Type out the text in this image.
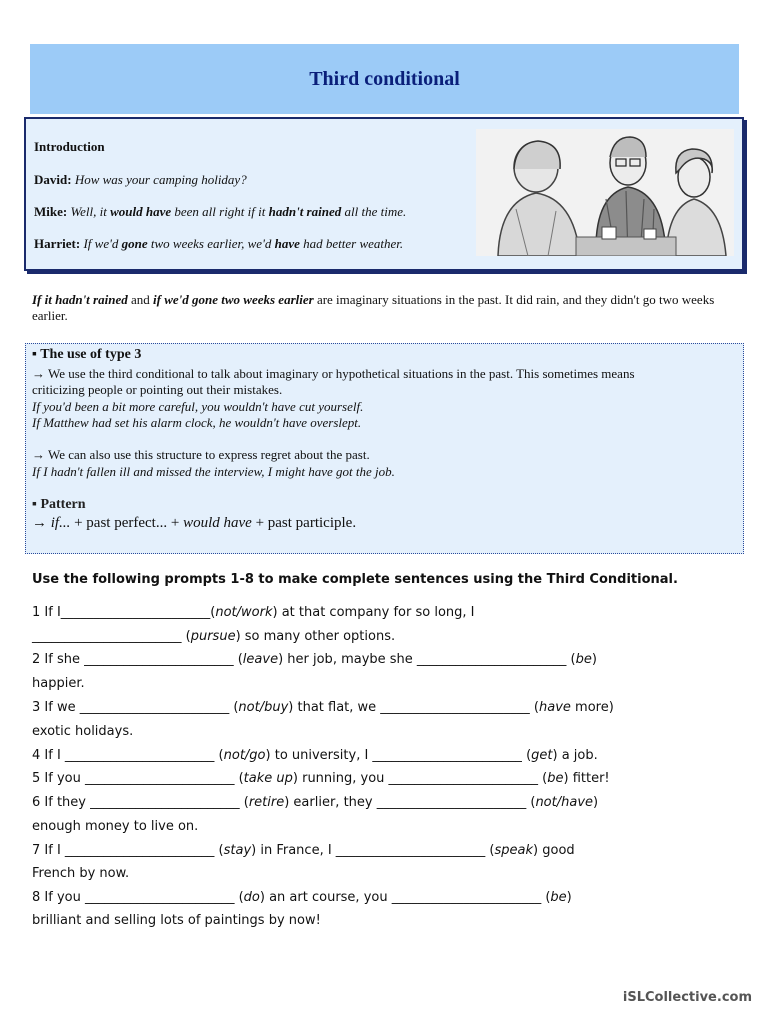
Third conditional

Introduction

David: How was your camping holiday?

Mike: Well, it would have been all right if it hadn't rained all the time.

Harriet: If we'd gone two weeks earlier, we'd have had better weather.

If it hadn't rained and if we'd gone two weeks earlier are imaginary situations in the past. It did rain, and they didn't go two weeks earlier.
▪ The use of type 3
→ We use the third conditional to talk about imaginary or hypothetical situations in the past. This sometimes means
criticizing people or pointing out their mistakes.
If you'd been a bit more careful, you wouldn't have cut yourself.
If Matthew had set his alarm clock, he wouldn't have overslept.
→ We can also use this structure to express regret about the past.
If I hadn't fallen ill and missed the interview, I might have got the job.
▪ Pattern
→ if... + past perfect... + would have + past participle.
Use the following prompts 1-8 to make complete sentences using the Third Conditional.
1 If I_______________________(not/work) at that company for so long, I
_______________________ (pursue) so many other options.
2 If she _______________________ (leave) her job, maybe she _______________________ (be)
happier.
3 If we _______________________ (not/buy) that flat, we _______________________ (have more)
exotic holidays.
4 If I _______________________ (not/go) to university, I _______________________ (get) a job.
5 If you _______________________ (take up) running, you _______________________ (be) fitter!
6 If they _______________________ (retire) earlier, they _______________________ (not/have)
enough money to live on.
7 If I _______________________ (stay) in France, I _______________________ (speak) good
French by now.
8 If you _______________________ (do) an art course, you _______________________ (be)
brilliant and selling lots of paintings by now!
iSLCollective.com
